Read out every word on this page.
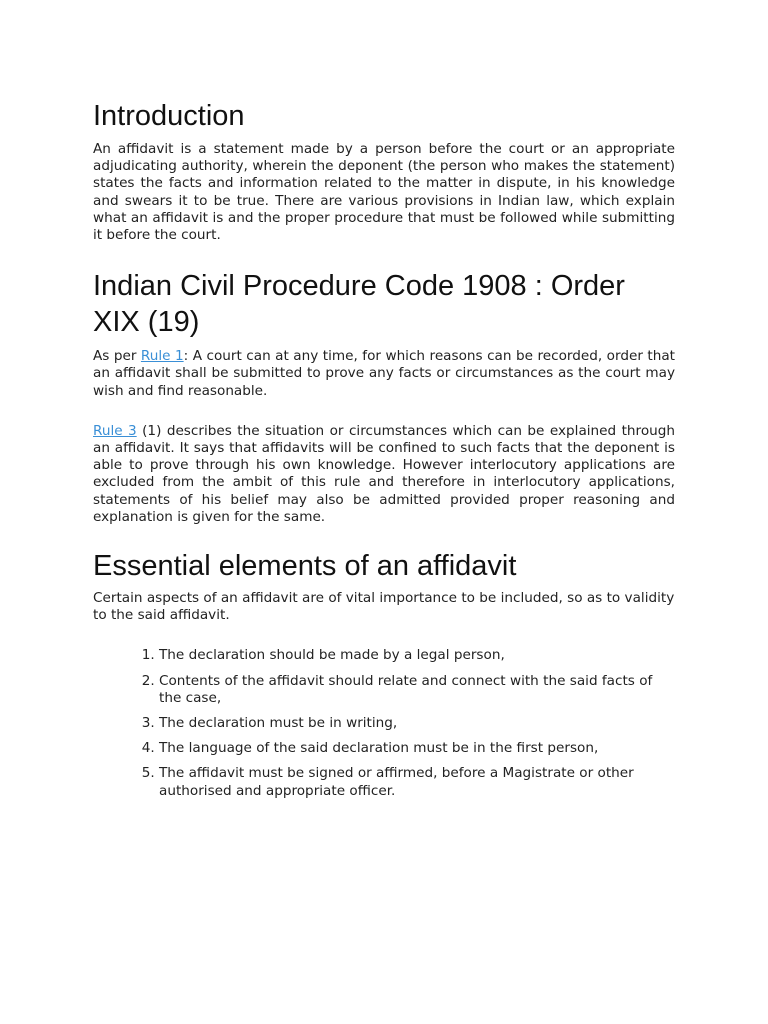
Introduction

An affidavit is a statement made by a person before the court or an appropriate adjudicating authority, wherein the deponent (the person who makes the statement) states the facts and information related to the matter in dispute, in his knowledge and swears it to be true. There are various provisions in Indian law, which explain what an affidavit is and the proper procedure that must be followed while submitting it before the court.

Indian Civil Procedure Code 1908 : Order XIX (19)

As per Rule 1: A court can at any time, for which reasons can be recorded, order that an affidavit shall be submitted to prove any facts or circumstances as the court may wish and find reasonable.

Rule 3 (1) describes the situation or circumstances which can be explained through an affidavit. It says that affidavits will be confined to such facts that the deponent is able to prove through his own knowledge. However interlocutory applications are excluded from the ambit of this rule and therefore in interlocutory applications, statements of his belief may also be admitted provided proper reasoning and explanation is given for the same.

Essential elements of an affidavit

Certain aspects of an affidavit are of vital importance to be included, so as to validity to the said affidavit.

1. The declaration should be made by a legal person,
2. Contents of the affidavit should relate and connect with the said facts of the case,
3. The declaration must be in writing,
4. The language of the said declaration must be in the first person,
5. The affidavit must be signed or affirmed, before a Magistrate or other authorised and appropriate officer.
